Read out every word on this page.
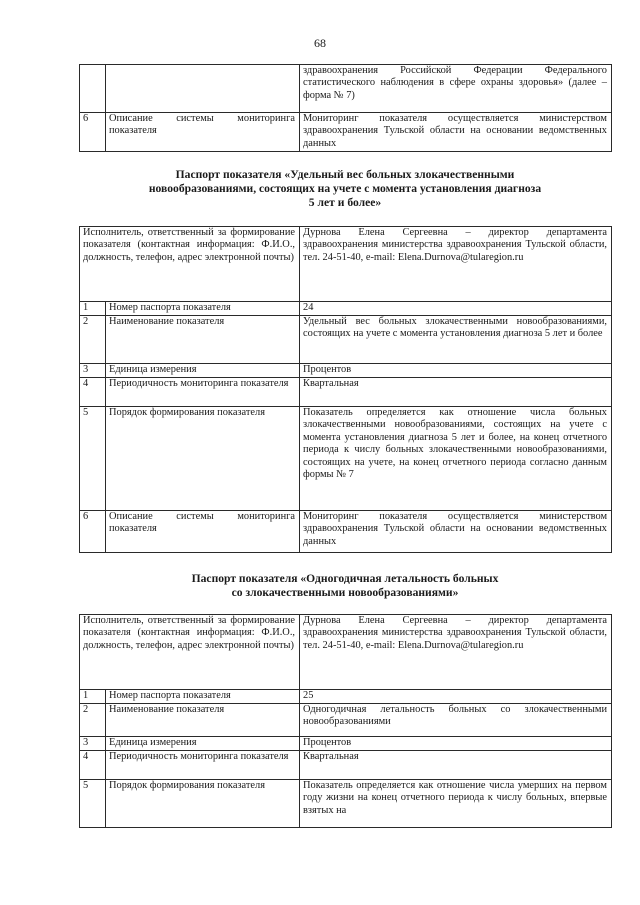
68
		здравоохранения Российской Федерации Федерального статистического наблюдения в сфере охраны здоровья» (далее – форма № 7)
6	Описание системы мониторинга показателя	Мониторинг показателя осуществляется министерством здравоохранения Тульской области на основании ведомственных данных
Паспорт показателя «Удельный вес больных злокачественными
новообразованиями, состоящих на учете с момента установления диагноза
5 лет и более»
Исполнитель, ответственный за формирование показателя (контактная информация: Ф.И.О., должность, телефон, адрес электронной почты)		Дурнова Елена Сергеевна – директор департамента здравоохранения министерства здравоохранения Тульской области, тел. 24-51-40, e-mail: Elena.Durnova@tularegion.ru
1	Номер паспорта показателя	24
2	Наименование показателя	Удельный вес больных злокачественными новообразованиями, состоящих на учете с момента установления диагноза 5 лет и более
3	Единица измерения	Процентов
4	Периодичность мониторинга показателя	Квартальная
5	Порядок формирования показателя	Показатель определяется как отношение числа больных злокачественными новообразованиями, состоящих на учете с момента установления диагноза 5 лет и более, на конец отчетного периода к числу больных злокачественными новообразованиями, состоящих на учете, на конец отчетного периода согласно данным формы № 7
6	Описание системы мониторинга показателя	Мониторинг показателя осуществляется министерством здравоохранения Тульской области на основании ведомственных данных
Паспорт показателя «Одногодичная летальность больных
со злокачественными новообразованиями»
Исполнитель, ответственный за формирование показателя (контактная информация: Ф.И.О., должность, телефон, адрес электронной почты)		Дурнова Елена Сергеевна – директор департамента здравоохранения министерства здравоохранения Тульской области, тел. 24-51-40, e-mail: Elena.Durnova@tularegion.ru
1	Номер паспорта показателя	25
2	Наименование показателя	Одногодичная летальность больных со злокачественными новообразованиями
3	Единица измерения	Процентов
4	Периодичность мониторинга показателя	Квартальная
5	Порядок формирования показателя	Показатель определяется как отношение числа умерших на первом году жизни на конец отчетного периода к числу больных, впервые взятых на
